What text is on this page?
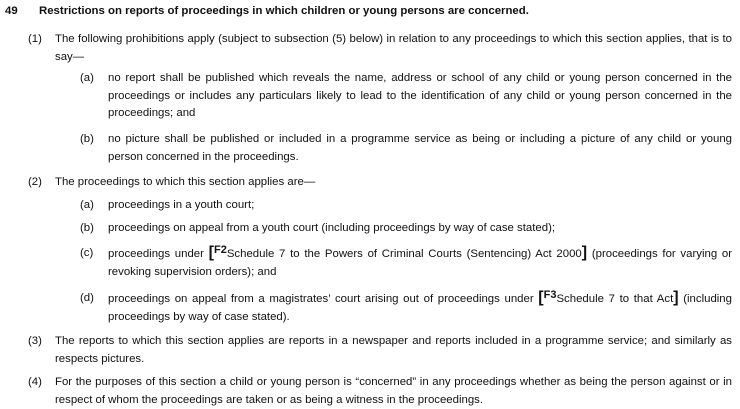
49 Restrictions on reports of proceedings in which children or young persons are concerned.
(1) The following prohibitions apply (subject to subsection (5) below) in relation to any proceedings to which this section applies, that is to say—
(a) no report shall be published which reveals the name, address or school of any child or young person concerned in the proceedings or includes any particulars likely to lead to the identification of any child or young person concerned in the proceedings; and
(b) no picture shall be published or included in a programme service as being or including a picture of any child or young person concerned in the proceedings.
(2) The proceedings to which this section applies are—
(a) proceedings in a youth court;
(b) proceedings on appeal from a youth court (including proceedings by way of case stated);
(c) proceedings under [F2Schedule 7 to the Powers of Criminal Courts (Sentencing) Act 2000] (proceedings for varying or revoking supervision orders); and
(d) proceedings on appeal from a magistrates’ court arising out of proceedings under [F3Schedule 7 to that Act] (including proceedings by way of case stated).
(3) The reports to which this section applies are reports in a newspaper and reports included in a programme service; and similarly as respects pictures.
(4) For the purposes of this section a child or young person is “concerned” in any proceedings whether as being the person against or in respect of whom the proceedings are taken or as being a witness in the proceedings.
